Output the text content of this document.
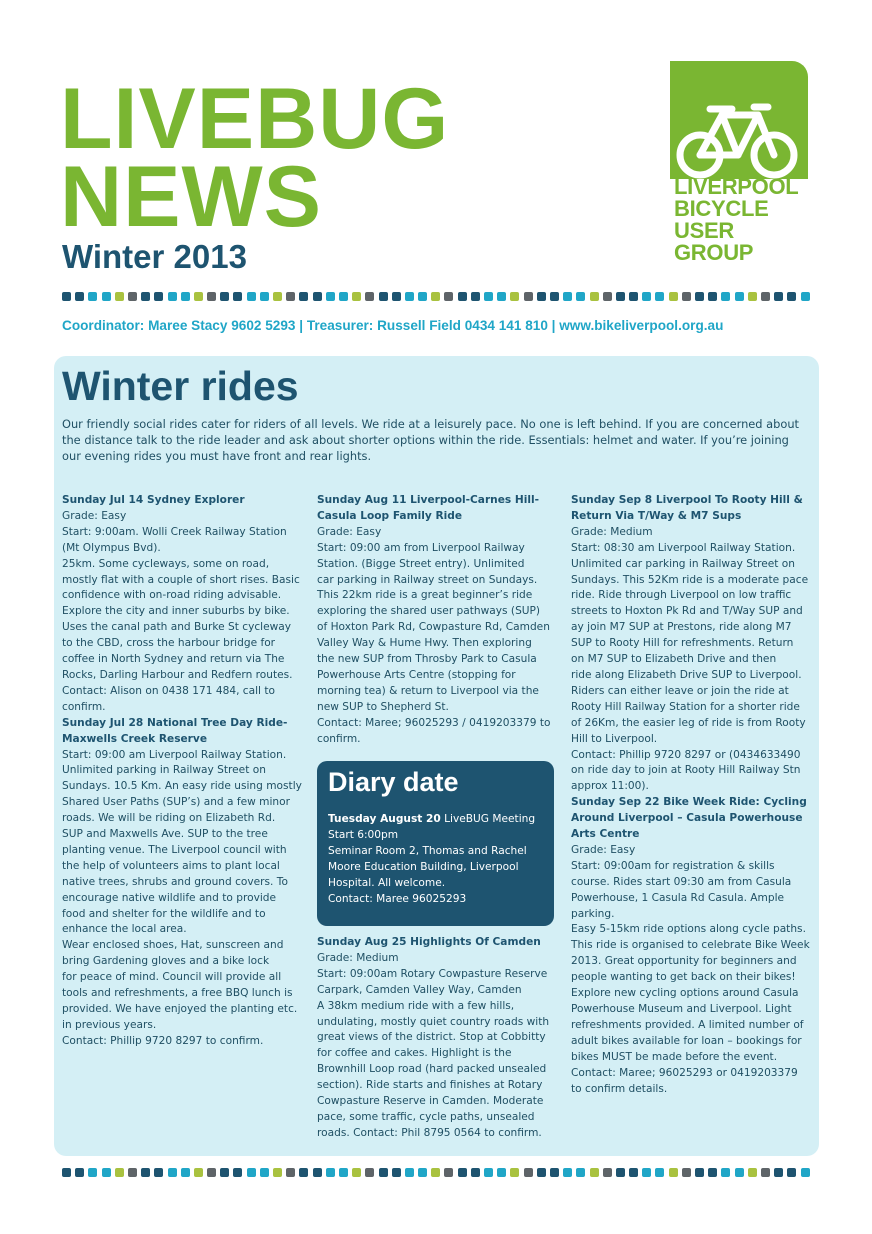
LIVEBUG
NEWS
Winter 2013
LIVERPOOL
BICYCLE
USER
GROUP
Coordinator: Maree Stacy 9602 5293 | Treasurer: Russell Field 0434 141 810 | www.bikeliverpool.org.au
Winter rides
Our friendly social rides cater for riders of all levels. We ride at a leisurely pace. No one is left behind. If you are concerned about the distance talk to the ride leader and ask about shorter options within the ride. Essentials: helmet and water. If you’re joining our evening rides you must have front and rear lights.
Sunday Jul 14 Sydney Explorer

Grade: Easy
Start: 9:00am. Wolli Creek Railway Station
(Mt Olympus Bvd).
25km. Some cycleways, some on road,
mostly flat with a couple of short rises. Basic
confidence with on-road riding advisable.
Explore the city and inner suburbs by bike.
Uses the canal path and Burke St cycleway
to the CBD, cross the harbour bridge for
coffee in North Sydney and return via The
Rocks, Darling Harbour and Redfern routes.
Contact: Alison on 0438 171 484, call to
confirm.

Sunday Jul 28 National Tree Day Ride-
Maxwells Creek Reserve

Start: 09:00 am Liverpool Railway Station.
Unlimited parking in Railway Street on
Sundays. 10.5 Km. An easy ride using mostly
Shared User Paths (SUP’s) and a few minor
roads. We will be riding on Elizabeth Rd.
SUP and Maxwells Ave. SUP to the tree
planting venue. The Liverpool council with
the help of volunteers aims to plant local
native trees, shrubs and ground covers. To
encourage native wildlife and to provide
food and shelter for the wildlife and to
enhance the local area.
Wear enclosed shoes, Hat, sunscreen and
bring Gardening gloves and a bike lock
for peace of mind. Council will provide all
tools and refreshments, a free BBQ lunch is
provided. We have enjoyed the planting etc.
in previous years.
Contact: Phillip 9720 8297 to confirm.

Sunday Aug 11 Liverpool-Carnes Hill-
Casula Loop Family Ride

Grade: Easy
Start: 09:00 am from Liverpool Railway
Station. (Bigge Street entry). Unlimited
car parking in Railway street on Sundays.
This 22km ride is a great beginner’s ride
exploring the shared user pathways (SUP)
of Hoxton Park Rd, Cowpasture Rd, Camden
Valley Way & Hume Hwy. Then exploring
the new SUP from Throsby Park to Casula
Powerhouse Arts Centre (stopping for
morning tea) & return to Liverpool via the
new SUP to Shepherd St.
Contact: Maree; 96025293 / 0419203379 to
confirm.

Diary date
Tuesday August 20 LiveBUG Meeting

Start 6:00pm
Seminar Room 2, Thomas and Rachel
Moore Education Building, Liverpool
Hospital. All welcome.
Contact: Maree 96025293

Sunday Aug 25 Highlights Of Camden

Grade: Medium
Start: 09:00am Rotary Cowpasture Reserve
Carpark, Camden Valley Way, Camden
A 38km medium ride with a few hills,
undulating, mostly quiet country roads with
great views of the district. Stop at Cobbitty
for coffee and cakes. Highlight is the
Brownhill Loop road (hard packed unsealed
section). Ride starts and finishes at Rotary
Cowpasture Reserve in Camden. Moderate
pace, some traffic, cycle paths, unsealed
roads. Contact: Phil 8795 0564 to confirm.

Sunday Sep 8 Liverpool To Rooty Hill &
Return Via T/Way & M7 Sups

Grade: Medium
Start: 08:30 am Liverpool Railway Station.
Unlimited car parking in Railway Street on
Sundays. This 52Km ride is a moderate pace
ride. Ride through Liverpool on low traffic
streets to Hoxton Pk Rd and T/Way SUP and
ay join M7 SUP at Prestons, ride along M7
SUP to Rooty Hill for refreshments. Return
on M7 SUP to Elizabeth Drive and then
ride along Elizabeth Drive SUP to Liverpool.
Riders can either leave or join the ride at
Rooty Hill Railway Station for a shorter ride
of 26Km, the easier leg of ride is from Rooty
Hill to Liverpool.
Contact: Phillip 9720 8297 or (0434633490
on ride day to join at Rooty Hill Railway Stn
approx 11:00).

Sunday Sep 22 Bike Week Ride: Cycling
Around Liverpool – Casula Powerhouse
Arts Centre

Grade: Easy
Start: 09:00am for registration & skills
course. Rides start 09:30 am from Casula
Powerhouse, 1 Casula Rd Casula. Ample
parking.
Easy 5-15km ride options along cycle paths.
This ride is organised to celebrate Bike Week
2013. Great opportunity for beginners and
people wanting to get back on their bikes!
Explore new cycling options around Casula
Powerhouse Museum and Liverpool. Light
refreshments provided. A limited number of
adult bikes available for loan – bookings for
bikes MUST be made before the event.
Contact: Maree; 96025293 or 0419203379
to confirm details.
